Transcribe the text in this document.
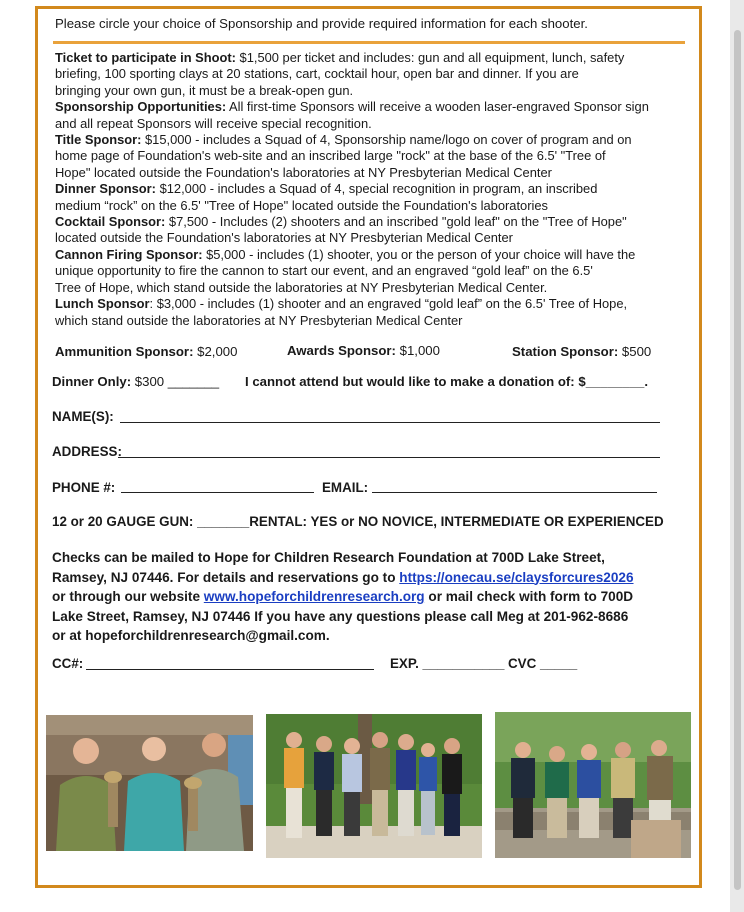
Please circle your choice of Sponsorship and provide required information for each shooter.

Ticket to participate in Shoot: $1,500 per ticket and includes: gun and all equipment, lunch, safety

briefing, 100 sporting clays at 20 stations, cart, cocktail hour, open bar and dinner. If you are

bringing your own gun, it must be a break-open gun.

Sponsorship Opportunities: All first-time Sponsors will receive a wooden laser-engraved Sponsor sign

and all repeat Sponsors will receive special recognition.

Title Sponsor: $15,000 - includes a Squad of 4, Sponsorship name/logo on cover of program and on

home page of Foundation's web-site and an inscribed large "rock" at the base of the 6.5' "Tree of

Hope" located outside the Foundation's laboratories at NY Presbyterian Medical Center

Dinner Sponsor: $12,000 - includes a Squad of 4, special recognition in program, an inscribed

medium “rock” on the 6.5' "Tree of Hope" located outside the Foundation's laboratories

Cocktail Sponsor: $7,500 - Includes (2) shooters and an inscribed "gold leaf" on the "Tree of Hope"

located outside the Foundation's laboratories at NY Presbyterian Medical Center

Cannon Firing Sponsor: $5,000 - includes (1) shooter, you or the person of your choice will have the

unique opportunity to fire the cannon to start our event, and an engraved “gold leaf” on the 6.5'

Tree of Hope, which stand outside the laboratories at NY Presbyterian Medical Center.

Lunch Sponsor: $3,000 - includes (1) shooter and an engraved “gold leaf” on the 6.5' Tree of Hope,

which stand outside the laboratories at NY Presbyterian Medical Center

Ammunition Sponsor: $2,000	Awards Sponsor: $1,000	Station Sponsor: $500
Dinner Only: $300 _______ I cannot attend but would like to make a donation of: $________.
NAME(S):
ADDRESS:
PHONE #:	EMAIL:
12 or 20 GAUGE GUN: _______RENTAL: YES or NO NOVICE, INTERMEDIATE OR EXPERIENCED

Checks can be mailed to Hope for Children Research Foundation at 700D Lake Street,

Ramsey, NJ 07446. For details and reservations go to https://onecau.se/claysforcures2026

or through our website www.hopeforchildrenresearch.org or mail check with form to 700D

Lake Street, Ramsey, NJ 07446 If you have any questions please call Meg at 201-962-8686

or at hopeforchildrenresearch@gmail.com.

CC#:	EXP. ___________ CVC _____
